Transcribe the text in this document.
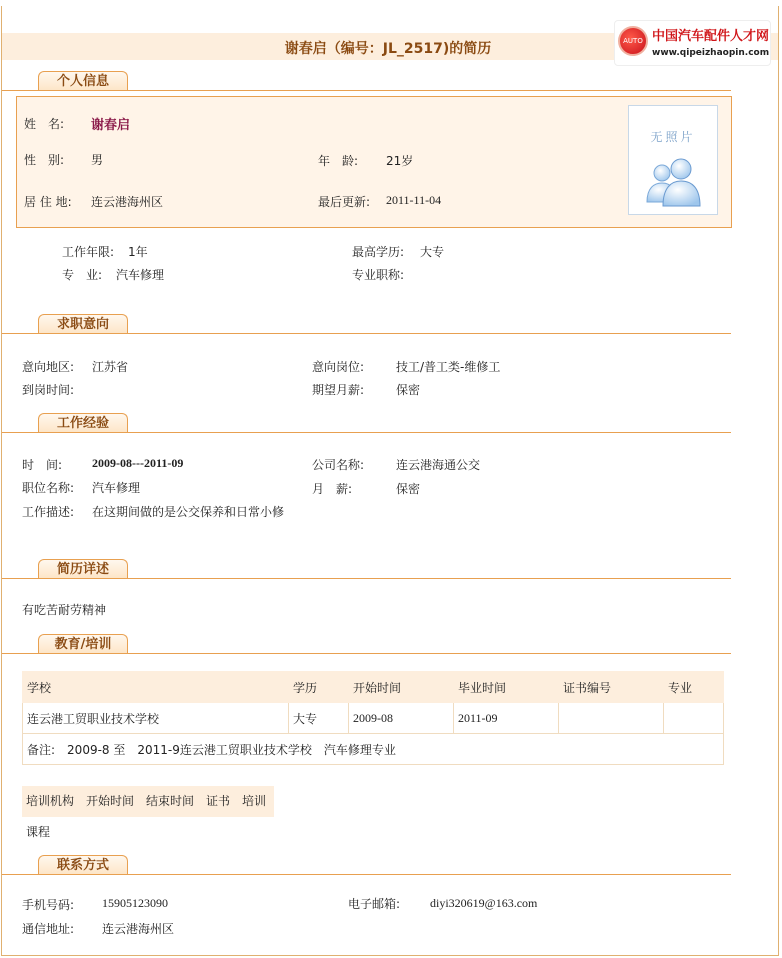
谢春启（编号：JL_2517)的简历	AUTO 中国汽车配件人才网
www.qipeizhaopin.com
个人信息
姓　名: 谢春启
性　别: 男	年　龄: 21岁
居 住 地: 连云港海州区	最后更新: 2011-11-04
无照片
工作年限: 1年	最高学历: 大专
专　业: 汽车修理	专业职称:
求职意向
意向地区: 江苏省	意向岗位:	技工/普工类-维修工
到岗时间:	期望月薪:	保密
工作经验
时　间: 2009-08---2011-09	公司名称:	连云港海通公交
职位名称: 汽车修理	月　薪:	保密
工作描述: 在这期间做的是公交保养和日常小修
简历详述
有吃苦耐劳精神
教育/培训
学校	学历	开始时间	毕业时间	证书编号	专业
连云港工贸职业技术学校	大专	2009-08	2011-09		
备注:　2009-8 至　2011-9连云港工贸职业技术学校　汽车修理专业					
培训机构　开始时间　结束时间　证书　培训课程
联系方式
手机号码: 15905123090	电子邮箱: diyi320619@163.com
通信地址: 连云港海州区
